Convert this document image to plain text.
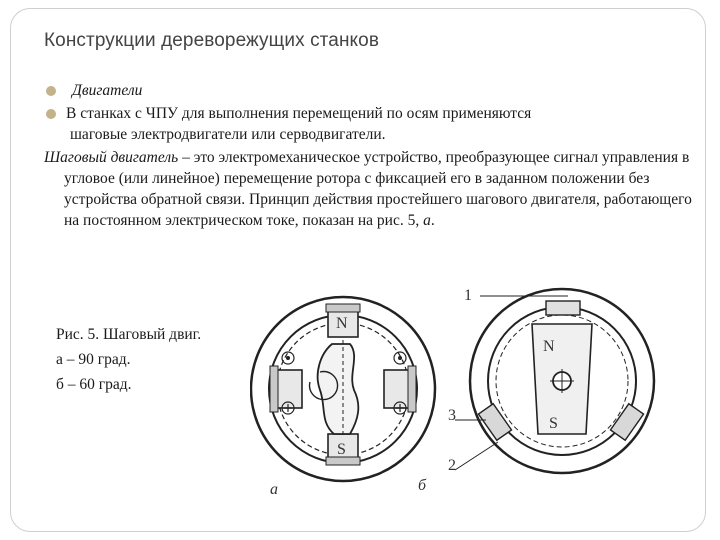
Конструкции дереворежущих станков
Двигатели
В станках с ЧПУ для выполнения перемещений по осям применяются
шаговые электродвигатели или серводвигатели.
Шаговый двигатель – это электромеханическое устройство, преобразующее сигнал управления в угловое (или линейное) перемещение ротора с фиксацией его в заданном положении без устройства обратной связи. Принцип действия простейшего шагового двигателя, работающего на постоянном электрическом токе, показан на рис. 5, а.
Рис. 5. Шаговый двиг.
а – 90 град.
б – 60 град.
N
S
а
N
S
1
2
3
б
